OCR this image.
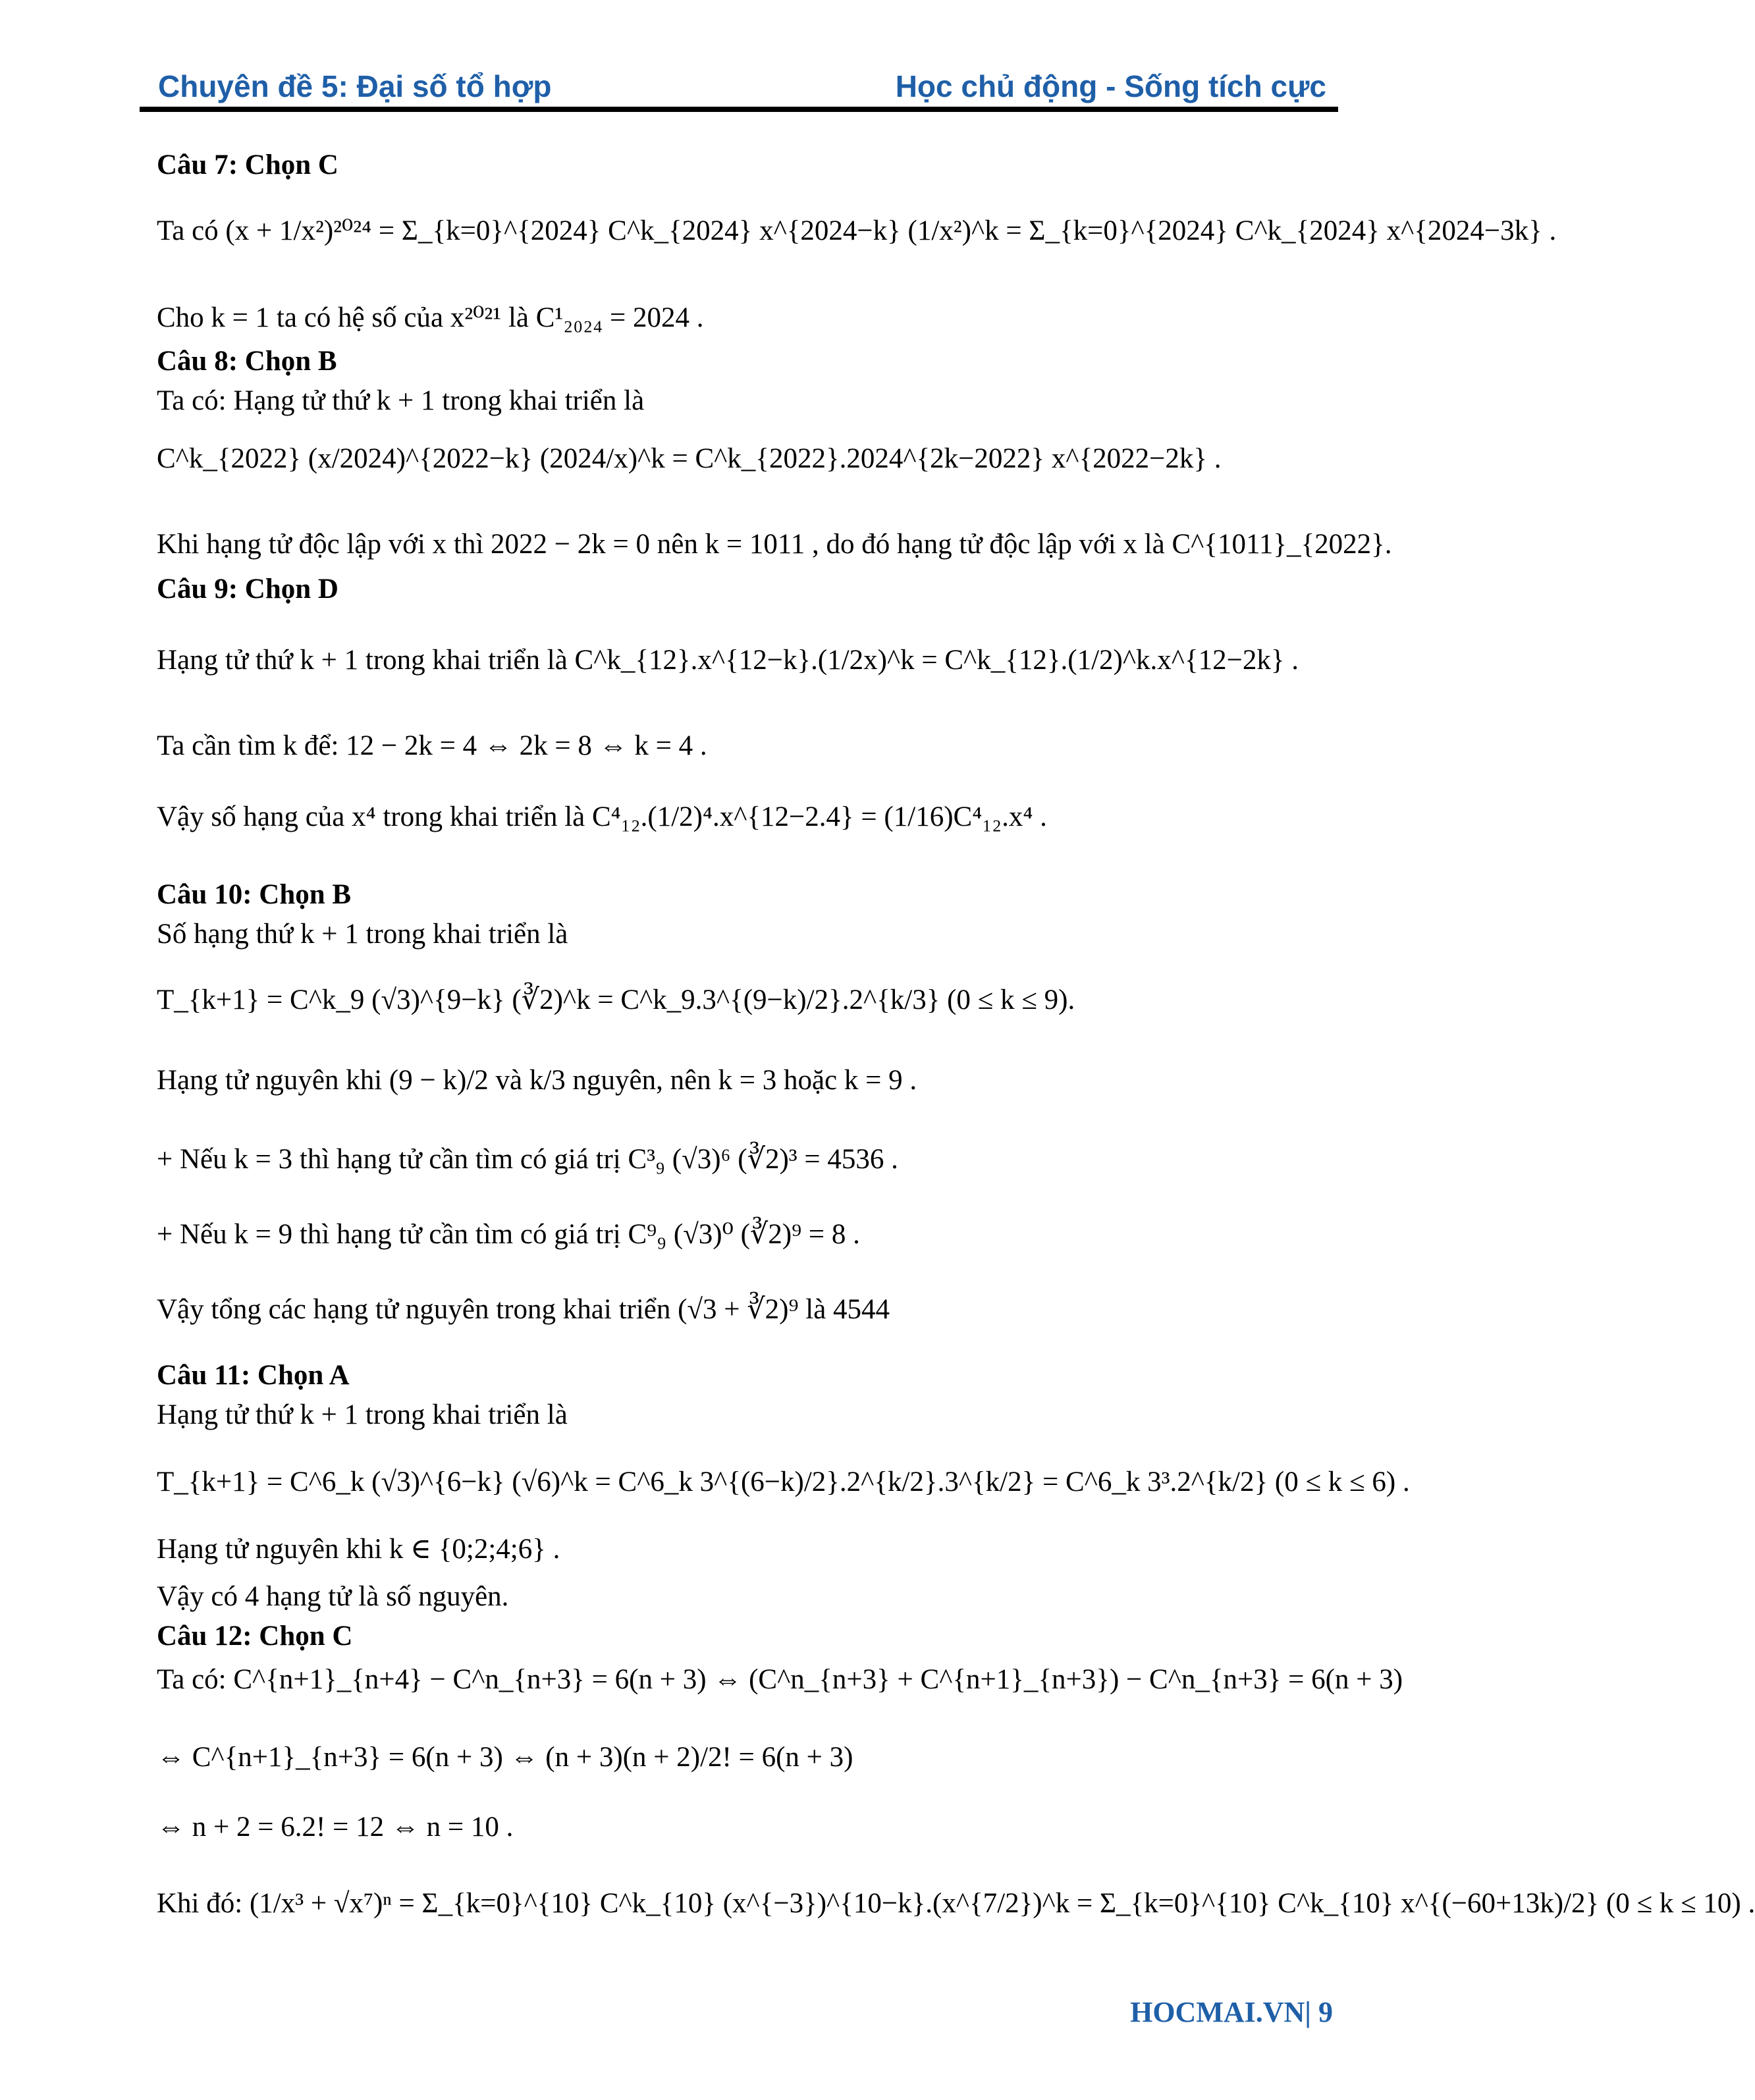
Chuyên đề 5: Đại số tổ hợp	Học chủ động - Sống tích cực
Câu 7: Chọn C
Ta có (x + 1/x²)²⁰²⁴ = Σ_{k=0}^{2024} C^k_{2024} x^{2024−k} (1/x²)^k = Σ_{k=0}^{2024} C^k_{2024} x^{2024−3k} .
Cho k = 1 ta có hệ số của x²⁰²¹ là C¹₂₀₂₄ = 2024 .
Câu 8: Chọn B
Ta có: Hạng tử thứ k + 1 trong khai triển là
C^k_{2022} (x/2024)^{2022−k} (2024/x)^k = C^k_{2022}.2024^{2k−2022} x^{2022−2k} .
Khi hạng tử độc lập với x thì 2022 − 2k = 0 nên k = 1011 , do đó hạng tử độc lập với x là C^{1011}_{2022}.
Câu 9: Chọn D
Hạng tử thứ k + 1 trong khai triển là C^k_{12}.x^{12−k}.(1/2x)^k = C^k_{12}.(1/2)^k.x^{12−2k} .
Ta cần tìm k để: 12 − 2k = 4 ⇔ 2k = 8 ⇔ k = 4 .
Vậy số hạng của x⁴ trong khai triển là C⁴₁₂.(1/2)⁴.x^{12−2.4} = (1/16)C⁴₁₂.x⁴ .
Câu 10: Chọn B
Số hạng thứ k + 1 trong khai triển là
T_{k+1} = C^k_9 (√3)^{9−k} (∛2)^k = C^k_9.3^{(9−k)/2}.2^{k/3} (0 ≤ k ≤ 9).
Hạng tử nguyên khi (9 − k)/2 và k/3 nguyên, nên k = 3 hoặc k = 9 .
+ Nếu k = 3 thì hạng tử cần tìm có giá trị C³₉ (√3)⁶ (∛2)³ = 4536 .
+ Nếu k = 9 thì hạng tử cần tìm có giá trị C⁹₉ (√3)⁰ (∛2)⁹ = 8 .
Vậy tổng các hạng tử nguyên trong khai triển (√3 + ∛2)⁹ là 4544
Câu 11: Chọn A
Hạng tử thứ k + 1 trong khai triển là
T_{k+1} = C^6_k (√3)^{6−k} (√6)^k = C^6_k 3^{(6−k)/2}.2^{k/2}.3^{k/2} = C^6_k 3³.2^{k/2} (0 ≤ k ≤ 6) .
Hạng tử nguyên khi k ∈ {0;2;4;6} .
Vậy có 4 hạng tử là số nguyên.
Câu 12: Chọn C
Ta có: C^{n+1}_{n+4} − C^n_{n+3} = 6(n + 3) ⇔ (C^n_{n+3} + C^{n+1}_{n+3}) − C^n_{n+3} = 6(n + 3)
⇔ C^{n+1}_{n+3} = 6(n + 3) ⇔ (n + 3)(n + 2)/2! = 6(n + 3)
⇔ n + 2 = 6.2! = 12 ⇔ n = 10 .
Khi đó: (1/x³ + √x⁷)ⁿ = Σ_{k=0}^{10} C^k_{10} (x^{−3})^{10−k}.(x^{7/2})^k = Σ_{k=0}^{10} C^k_{10} x^{(−60+13k)/2} (0 ≤ k ≤ 10) .
HOCMAI.VN| 9
